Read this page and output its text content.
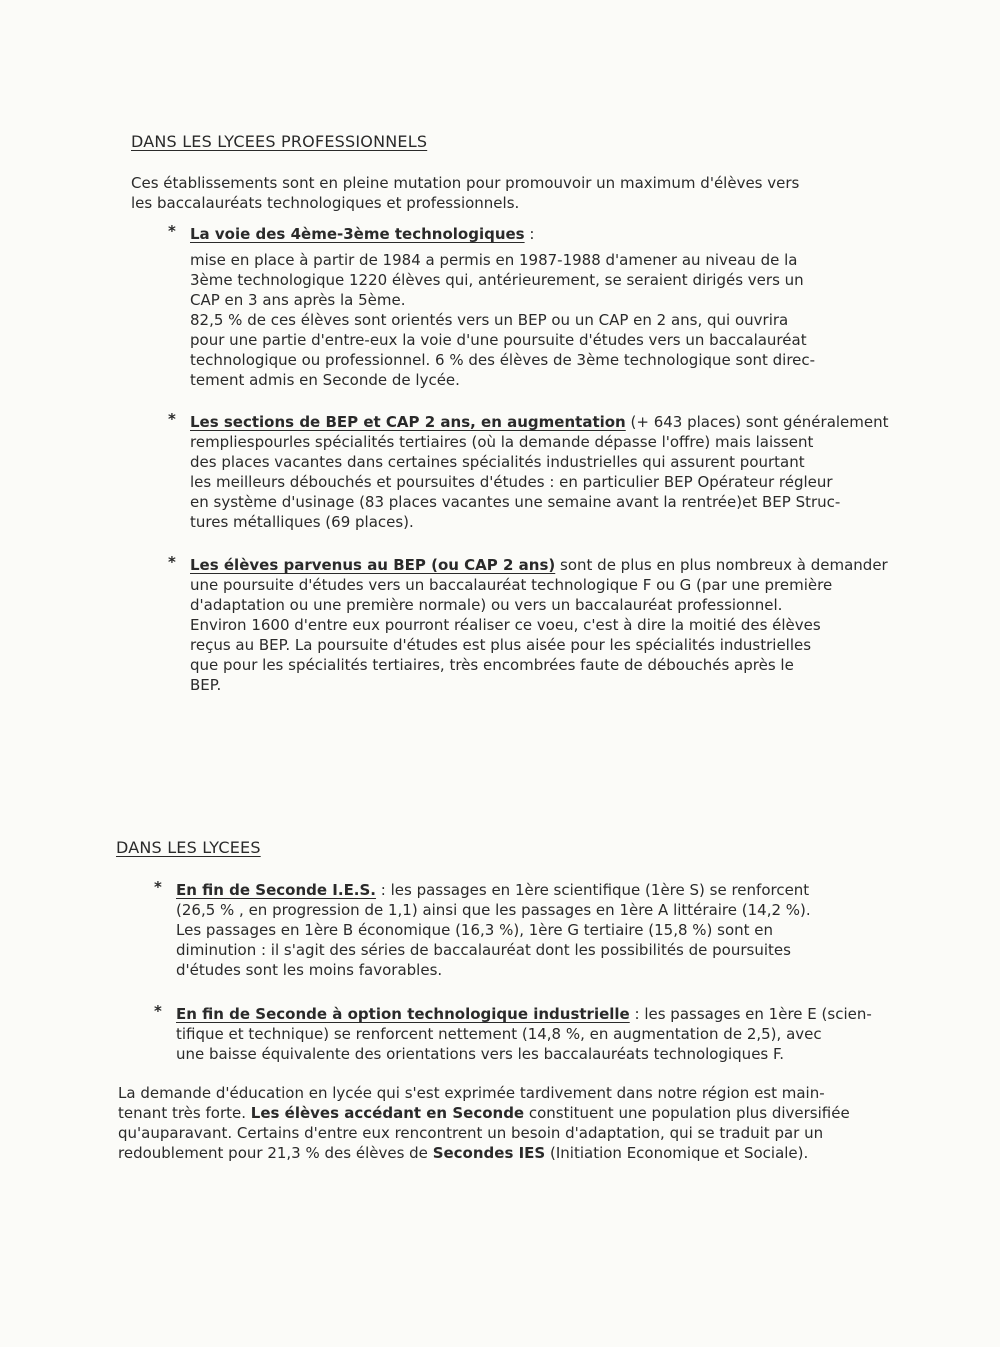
DANS LES LYCEES PROFESSIONNELS

Ces établissements sont en pleine mutation pour promouvoir un maximum d'élèves vers

les baccalauréats technologiques et professionnels.

* La voie des 4ème-3ème technologiques :

mise en place à partir de 1984 a permis en 1987-1988 d'amener au niveau de la

3ème technologique 1220 élèves qui, antérieurement, se seraient dirigés vers un

CAP en 3 ans après la 5ème.

82,5 % de ces élèves sont orientés vers un BEP ou un CAP en 2 ans, qui ouvrira

pour une partie d'entre-eux la voie d'une poursuite d'études vers un baccalauréat

technologique ou professionnel. 6 % des élèves de 3ème technologique sont direc-

tement admis en Seconde de lycée.

* Les sections de BEP et CAP 2 ans, en augmentation (+ 643 places) sont généralement

rempliespourles spécialités tertiaires (où la demande dépasse l'offre) mais laissent

des places vacantes dans certaines spécialités industrielles qui assurent pourtant

les meilleurs débouchés et poursuites d'études : en particulier BEP Opérateur régleur

en système d'usinage (83 places vacantes une semaine avant la rentrée)et BEP Struc-

tures métalliques (69 places).

* Les élèves parvenus au BEP (ou CAP 2 ans) sont de plus en plus nombreux à demander

une poursuite d'études vers un baccalauréat technologique F ou G (par une première

d'adaptation ou une première normale) ou vers un baccalauréat professionnel.

Environ 1600 d'entre eux pourront réaliser ce voeu, c'est à dire la moitié des élèves

reçus au BEP. La poursuite d'études est plus aisée pour les spécialités industrielles

que pour les spécialités tertiaires, très encombrées faute de débouchés après le

BEP.

DANS LES LYCEES
* En fin de Seconde I.E.S. : les passages en 1ère scientifique (1ère S) se renforcent

(26,5 % , en progression de 1,1) ainsi que les passages en 1ère A littéraire (14,2 %).

Les passages en 1ère B économique (16,3 %), 1ère G tertiaire (15,8 %) sont en

diminution : il s'agit des séries de baccalauréat dont les possibilités de poursuites

d'études sont les moins favorables.

* En fin de Seconde à option technologique industrielle : les passages en 1ère E (scien-

tifique et technique) se renforcent nettement (14,8 %, en augmentation de 2,5), avec

une baisse équivalente des orientations vers les baccalauréats technologiques F.

La demande d'éducation en lycée qui s'est exprimée tardivement dans notre région est main-

tenant très forte. Les élèves accédant en Seconde constituent une population plus diversifiée

qu'auparavant. Certains d'entre eux rencontrent un besoin d'adaptation, qui se traduit par un

redoublement pour 21,3 % des élèves de Secondes IES (Initiation Economique et Sociale).
